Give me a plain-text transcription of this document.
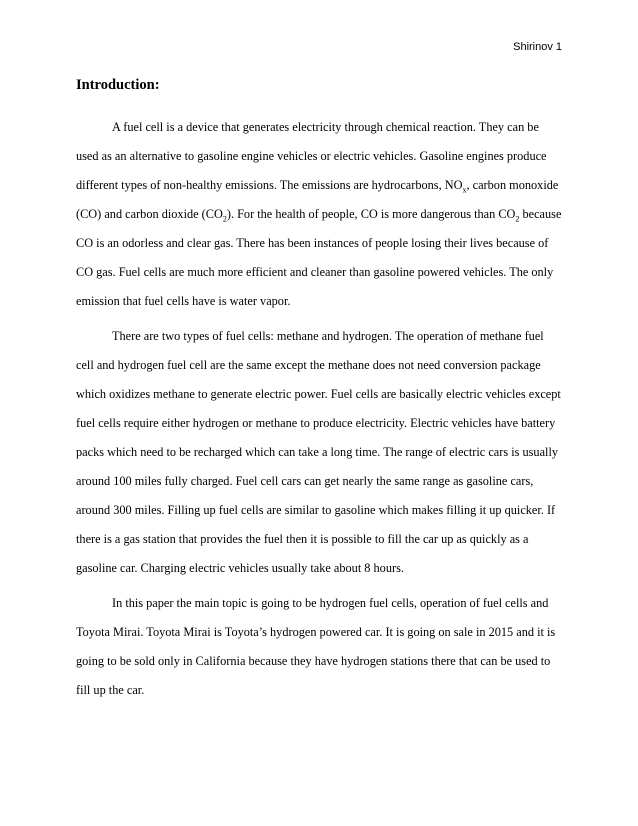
Shirinov 1
Introduction:

A fuel cell is a device that generates electricity through chemical reaction. They can be used as an alternative to gasoline engine vehicles or electric vehicles. Gasoline engines produce different types of non-healthy emissions. The emissions are hydrocarbons, $NO_x$, carbon monoxide (CO) and carbon dioxide $(CO_2)$. For the health of people, CO is more dangerous than $CO_2$ because CO is an odorless and clear gas. There has been instances of people losing their lives because of CO gas. Fuel cells are much more efficient and cleaner than gasoline powered vehicles. The only emission that fuel cells have is water vapor.

There are two types of fuel cells: methane and hydrogen. The operation of methane fuel cell and hydrogen fuel cell are the same except the methane does not need conversion package which oxidizes methane to generate electric power. Fuel cells are basically electric vehicles except fuel cells require either hydrogen or methane to produce electricity. Electric vehicles have battery packs which need to be recharged which can take a long time. The range of electric cars is usually around 100 miles fully charged. Fuel cell cars can get nearly the same range as gasoline cars, around 300 miles. Filling up fuel cells are similar to gasoline which makes filling it up quicker. If there is a gas station that provides the fuel then it is possible to fill the car up as quickly as a gasoline car. Charging electric vehicles usually take about 8 hours.

In this paper the main topic is going to be hydrogen fuel cells, operation of fuel cells and Toyota Mirai. Toyota Mirai is Toyota’s hydrogen powered car. It is going on sale in 2015 and it is going to be sold only in California because they have hydrogen stations there that can be used to fill up the car.
